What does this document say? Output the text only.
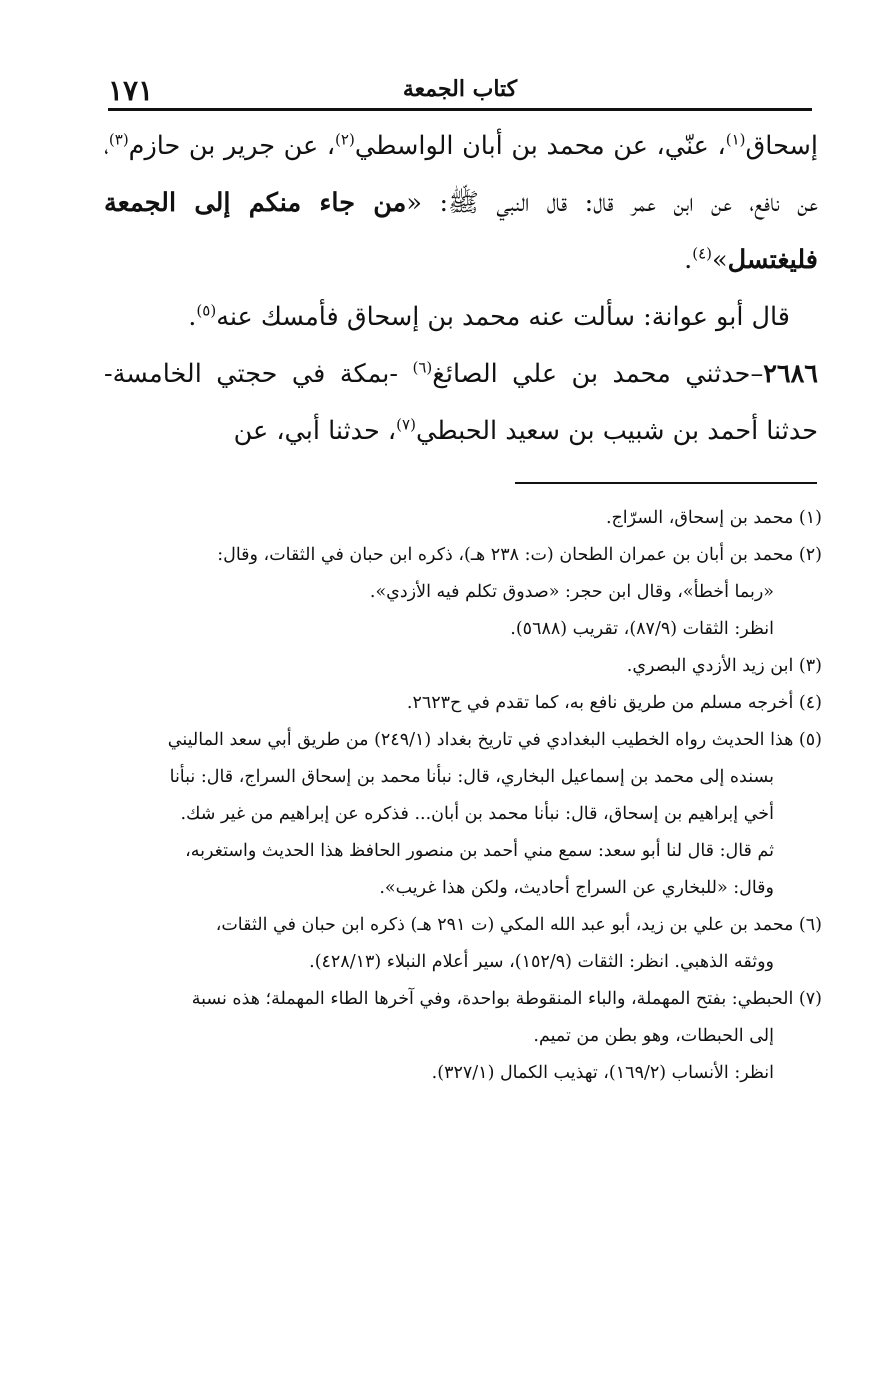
١٧١	كتاب الجمعة

إسحاق$^{(١)}$، عنّي، عن محمد بن أبان الواسطي$^{(٢)}$، عن جرير بن حازم$^{(٣)}$، عن نافع، عن ابن عمر قال: قال النبي ﷺ: «من جاء منكم إلى الجمعة فليغتسل»$^{(٤)}$.

قال أبو عوانة: سألت عنه محمد بن إسحاق فأمسك عنه$^{(٥)}$.

٢٦٨٦–حدثني محمد بن علي الصائغ$^{(٦)}$ -بمكة في حجتي الخامسة- حدثنا أحمد بن شبيب بن سعيد الحبطي$^{(٧)}$، حدثنا أبي، عن

(١) محمد بن إسحاق، السرّاج.

(٢) محمد بن أبان بن عمران الطحان (ت: ٢٣٨ هـ)، ذكره ابن حبان في الثقات، وقال:

«ربما أخطأ»، وقال ابن حجر: «صدوق تكلم فيه الأزدي».

انظر: الثقات (٨٧/٩)، تقريب (٥٦٨٨).

(٣) ابن زيد الأزدي البصري.

(٤) أخرجه مسلم من طريق نافع به، كما تقدم في ح٢٦٢٣.

(٥) هذا الحديث رواه الخطيب البغدادي في تاريخ بغداد (٢٤٩/١) من طريق أبي سعد الماليني

بسنده إلى محمد بن إسماعيل البخاري، قال: نبأنا محمد بن إسحاق السراج، قال: نبأنا

أخي إبراهيم بن إسحاق، قال: نبأنا محمد بن أبان... فذكره عن إبراهيم من غير شك.

ثم قال: قال لنا أبو سعد: سمع مني أحمد بن منصور الحافظ هذا الحديث واستغربه،

وقال: «للبخاري عن السراج أحاديث، ولكن هذا غريب».

(٦) محمد بن علي بن زيد، أبو عبد الله المكي (ت ٢٩١ هـ) ذكره ابن حبان في الثقات،

ووثقه الذهبي. انظر: الثقات (١٥٢/٩)، سير أعلام النبلاء (٤٢٨/١٣).

(٧) الحبطي: بفتح المهملة، والباء المنقوطة بواحدة، وفي آخرها الطاء المهملة؛ هذه نسبة

إلى الحبطات، وهو بطن من تميم.

انظر: الأنساب (١٦٩/٢)، تهذيب الكمال (٣٢٧/١).
